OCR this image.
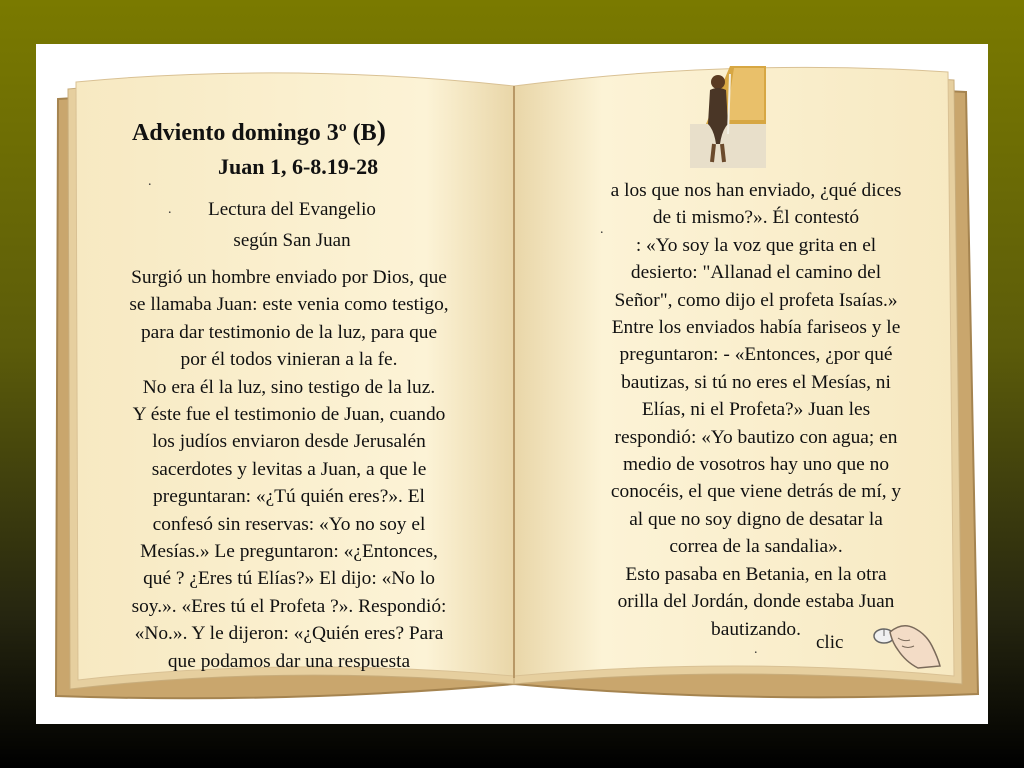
Adviento domingo 3º (B)
Juan 1, 6-8.19-28
.
.	Lectura del Evangelio
según San Juan
Surgió un hombre enviado por Dios, que
se llamaba Juan: este venia como testigo,
para dar testimonio de la luz, para que
por él todos vinieran a la fe.
No era él la luz, sino testigo de la luz.
Y éste fue el testimonio de Juan, cuando
los judíos enviaron desde Jerusalén
sacerdotes y levitas a Juan, a que le
preguntaran: «¿Tú quién eres?». El
confesó sin reservas: «Yo no soy el
Mesías.» Le preguntaron: «¿Entonces,
qué ? ¿Eres tú Elías?» El dijo: «No lo
soy.». «Eres tú el Profeta ?». Respondió:
«No.». Y le dijeron: «¿Quién eres? Para
que podamos dar una respuesta
.
a los que nos han enviado, ¿qué dices
de ti mismo?». Él contestó
: «Yo soy la voz que grita en el
desierto: "Allanad el camino del
Señor", como dijo el profeta Isaías.»
Entre los enviados había fariseos y le
preguntaron: - «Entonces, ¿por qué
bautizas, si tú no eres el Mesías, ni
Elías, ni el Profeta?» Juan les
respondió: «Yo bautizo con agua; en
medio de vosotros hay uno que no
conocéis, el que viene detrás de mí, y
al que no soy digno de desatar la
correa de la sandalia».
Esto pasaba en Betania, en la otra
orilla del Jordán, donde estaba Juan
bautizando.
clic
.
